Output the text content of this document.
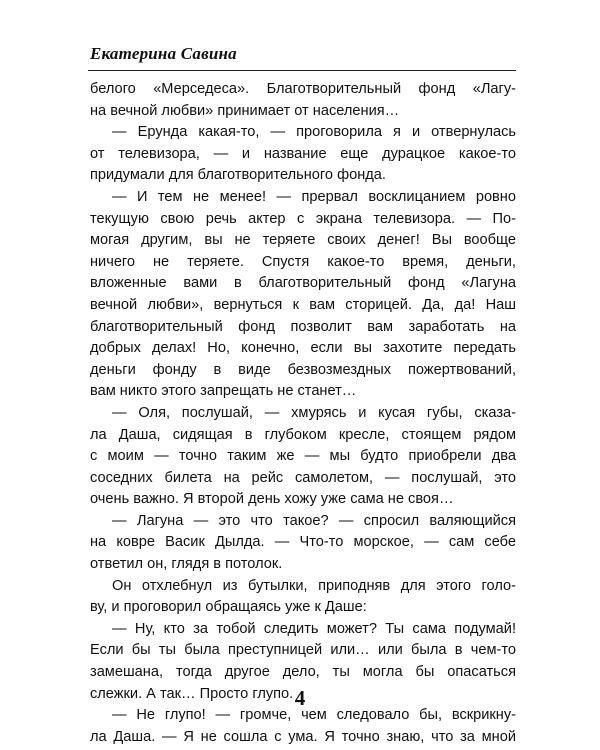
Екатерина Савина
белого «Мерседеса». Благотворительный фонд «Лагу-
на вечной любви» принимает от населения…
— Ерунда какая-то, — проговорила я и отвернулась
от телевизора, — и название еще дурацкое какое-то
придумали для благотворительного фонда.
— И тем не менее! — прервал восклицанием ровно
текущую свою речь актер с экрана телевизора. — По-
могая другим, вы не теряете своих денег! Вы вообще
ничего не теряете. Спустя какое-то время, деньги,
вложенные вами в благотворительный фонд «Лагуна
вечной любви», вернуться к вам сторицей. Да, да! Наш
благотворительный фонд позволит вам заработать на
добрых делах! Но, конечно, если вы захотите передать
деньги фонду в виде безвозмездных пожертвований,
вам никто этого запрещать не станет…
— Оля, послушай, — хмурясь и кусая губы, сказа-
ла Даша, сидящая в глубоком кресле, стоящем рядом
с моим — точно таким же — мы будто приобрели два
соседних билета на рейс самолетом, — послушай, это
очень важно. Я второй день хожу уже сама не своя…
— Лагуна — это что такое? — спросил валяющийся
на ковре Васик Дылда. — Что-то морское, — сам себе
ответил он, глядя в потолок.
Он отхлебнул из бутылки, приподняв для этого голо-
ву, и проговорил обращаясь уже к Даше:
— Ну, кто за тобой следить может? Ты сама подумай!
Если бы ты была преступницей или… или была в чем-то
замешана, тогда другое дело, ты могла бы опасаться
слежки. А так… Просто глупо.
— Не глупо! — громче, чем следовало бы, вскрикну-
ла Даша. — Я не сошла с ума. Я точно знаю, что за мной
4
